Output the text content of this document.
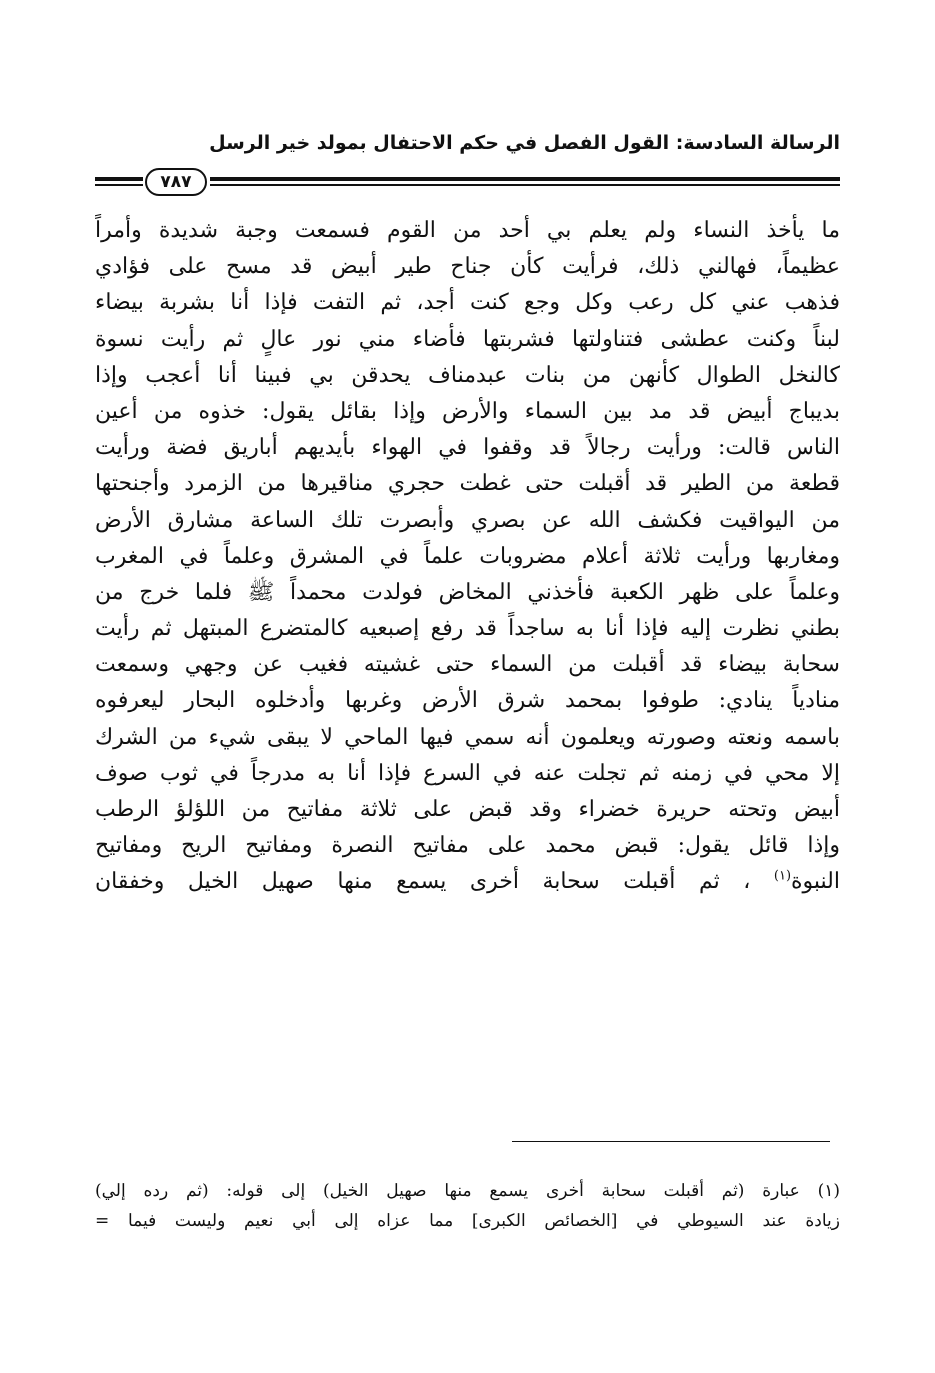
الرسالة السادسة: القول الفصل في حكم الاحتفال بمولد خير الرسل
٧٨٧
ما يأخذ النساء ولم يعلم بي أحد من القوم فسمعت وجبة شديدة وأمراً
عظيماً، فهالني ذلك، فرأيت كأن جناح طير أبيض قد مسح على فؤادي
فذهب عني كل رعب وكل وجع كنت أجد، ثم التفت فإذا أنا بشربة بيضاء
لبناً وكنت عطشى فتناولتها فشربتها فأضاء مني نور عالٍ ثم رأيت نسوة
كالنخل الطوال كأنهن من بنات عبدمناف يحدقن بي فبينا أنا أعجب وإذا
بديباج أبيض قد مد بين السماء والأرض وإذا بقائل يقول: خذوه من أعين
الناس قالت: ورأيت رجالاً قد وقفوا في الهواء بأيديهم أباريق فضة ورأيت
قطعة من الطير قد أقبلت حتى غطت حجري مناقيرها من الزمرد وأجنحتها
من اليواقيت فكشف الله عن بصري وأبصرت تلك الساعة مشارق الأرض
ومغاربها ورأيت ثلاثة أعلام مضروبات علماً في المشرق وعلماً في المغرب
وعلماً على ظهر الكعبة فأخذني المخاض فولدت محمداً ﷺ فلما خرج من
بطني نظرت إليه فإذا أنا به ساجداً قد رفع إصبعيه كالمتضرع المبتهل ثم رأيت
سحابة بيضاء قد أقبلت من السماء حتى غشيته فغيب عن وجهي وسمعت
منادياً ينادي: طوفوا بمحمد شرق الأرض وغربها وأدخلوه البحار ليعرفوه
باسمه ونعته وصورته ويعلمون أنه سمي فيها الماحي لا يبقى شيء من الشرك
إلا محي في زمنه ثم تجلت عنه في السرع فإذا أنا به مدرجاً في ثوب صوف
أبيض وتحته حريرة خضراء وقد قبض على ثلاثة مفاتيح من اللؤلؤ الرطب
وإذا قائل يقول: قبض محمد على مفاتيح النصرة ومفاتيح الريح ومفاتيح
النبوة$^{(١)}$ ، ثم أقبلت سحابة أخرى يسمع منها صهيل الخيل وخفقان
(١) عبارة (ثم أقبلت سحابة أخرى يسمع منها صهيل الخيل) إلى قوله: (ثم رده إلي)
زيادة عند السيوطي في [الخصائص الكبرى] مما عزاه إلى أبي نعيم وليست فيما =
